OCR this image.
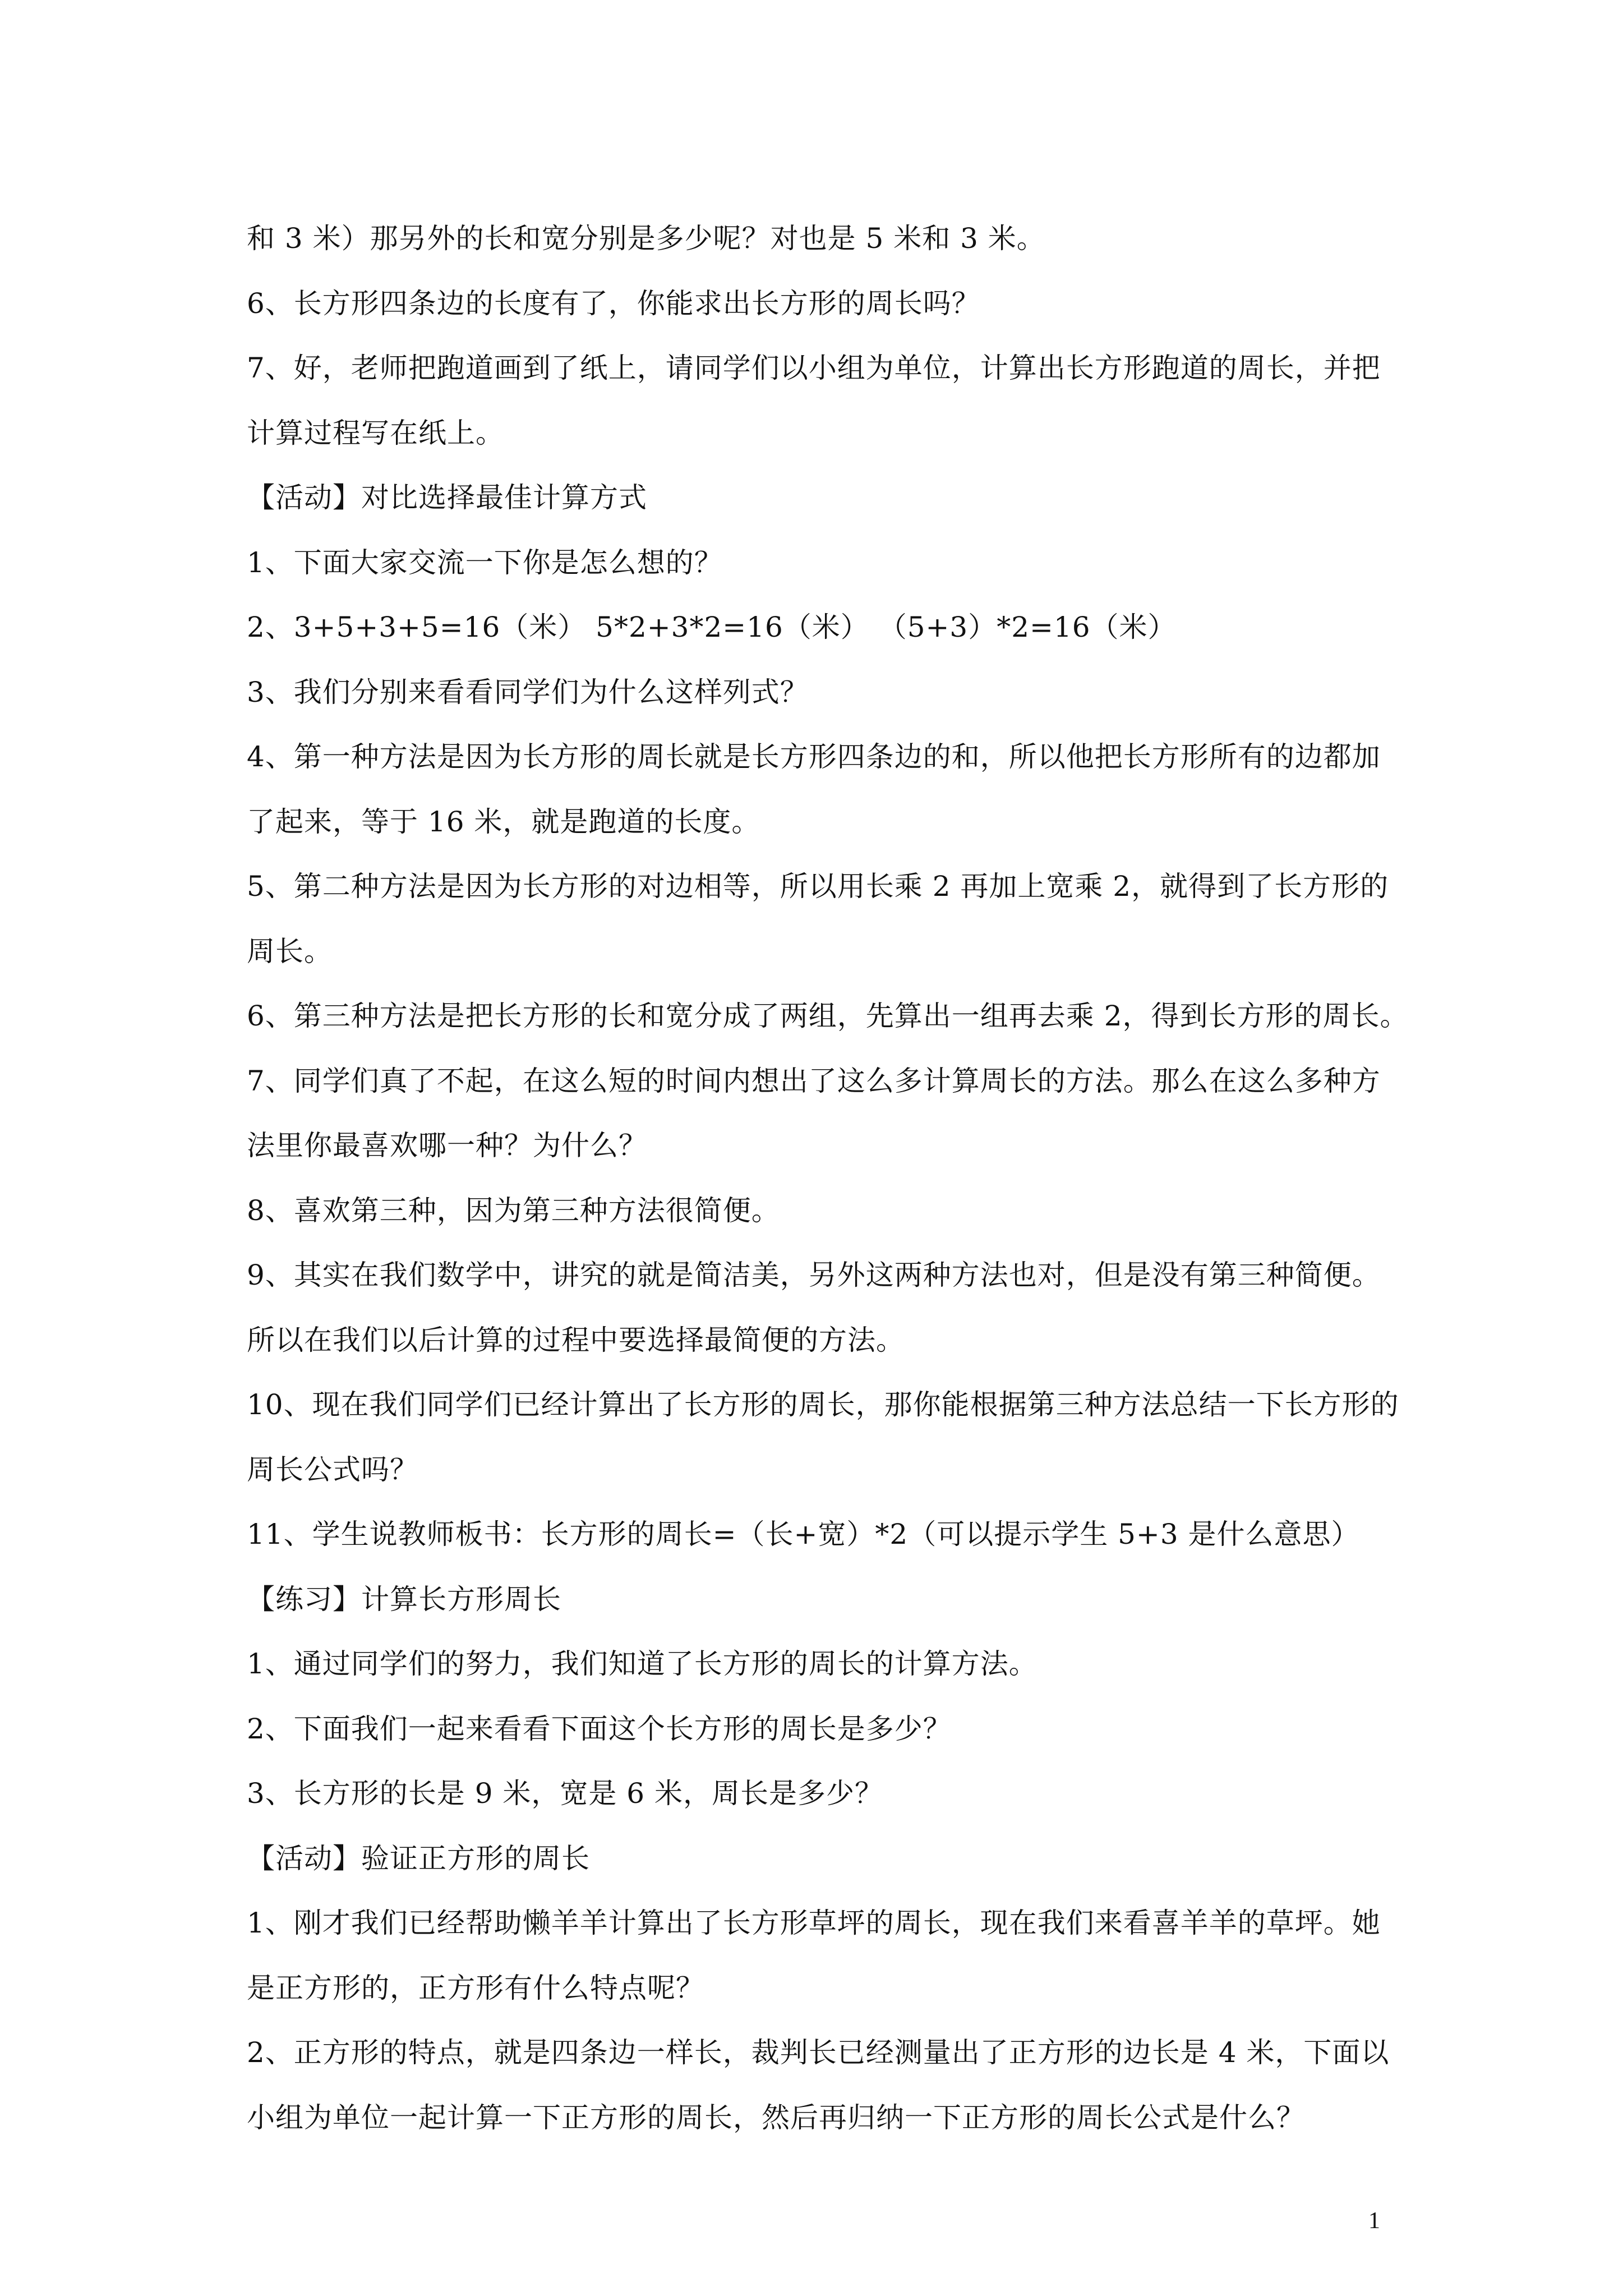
和 3 米）那另外的长和宽分别是多少呢？对也是 5 米和 3 米。
6、长方形四条边的长度有了，你能求出长方形的周长吗？
7、好，老师把跑道画到了纸上，请同学们以小组为单位，计算出长方形跑道的周长，并把
计算过程写在纸上。
【活动】对比选择最佳计算方式
1、下面大家交流一下你是怎么想的？
2、3+5+3+5=16（米） 5*2+3*2=16（米） （5+3）*2=16（米）
3、我们分别来看看同学们为什么这样列式？
4、第一种方法是因为长方形的周长就是长方形四条边的和，所以他把长方形所有的边都加
了起来，等于 16 米，就是跑道的长度。
5、第二种方法是因为长方形的对边相等，所以用长乘 2 再加上宽乘 2，就得到了长方形的
周长。
6、第三种方法是把长方形的长和宽分成了两组，先算出一组再去乘 2，得到长方形的周长。
7、同学们真了不起，在这么短的时间内想出了这么多计算周长的方法。那么在这么多种方
法里你最喜欢哪一种？为什么？
8、喜欢第三种，因为第三种方法很简便。
9、其实在我们数学中，讲究的就是简洁美，另外这两种方法也对，但是没有第三种简便。
所以在我们以后计算的过程中要选择最简便的方法。
10、现在我们同学们已经计算出了长方形的周长，那你能根据第三种方法总结一下长方形的
周长公式吗？
11、学生说教师板书：长方形的周长=（长+宽）*2（可以提示学生 5+3 是什么意思）
【练习】计算长方形周长
1、通过同学们的努力，我们知道了长方形的周长的计算方法。
2、下面我们一起来看看下面这个长方形的周长是多少？
3、长方形的长是 9 米，宽是 6 米，周长是多少？
【活动】验证正方形的周长
1、刚才我们已经帮助懒羊羊计算出了长方形草坪的周长，现在我们来看喜羊羊的草坪。她
是正方形的，正方形有什么特点呢？
2、正方形的特点，就是四条边一样长，裁判长已经测量出了正方形的边长是 4 米，下面以
小组为单位一起计算一下正方形的周长，然后再归纳一下正方形的周长公式是什么？
1
